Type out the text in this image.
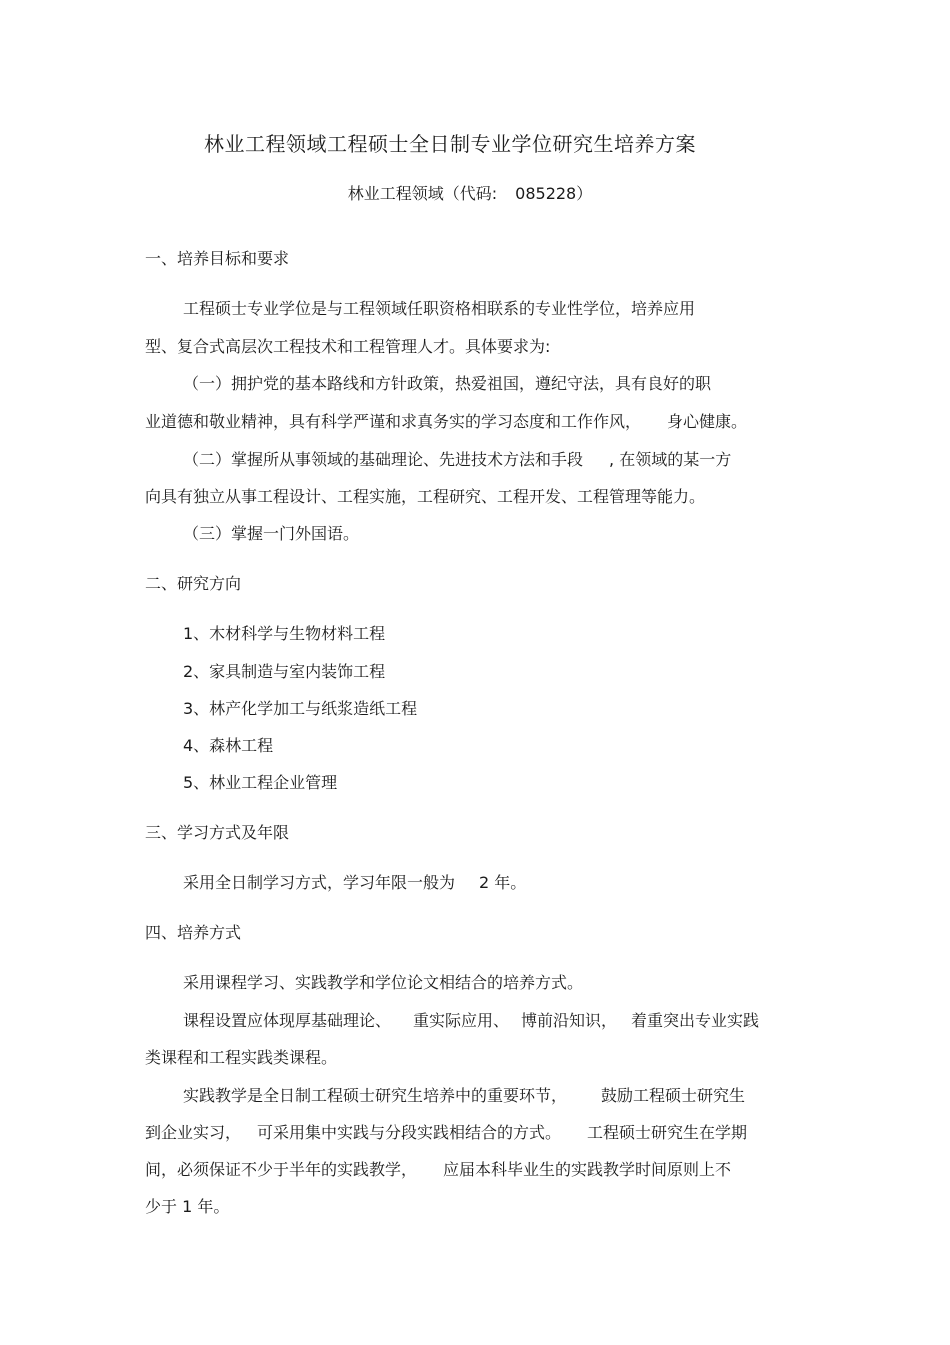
林业工程领域工程硕士全日制专业学位研究生培养方案
林业工程领域（代码: 085228）
一、培养目标和要求
工程硕士专业学位是与工程领域任职资格相联系的专业性学位，培养应用
型、复合式高层次工程技术和工程管理人才。具体要求为:
（一）拥护党的基本路线和方针政策，热爱祖国，遵纪守法，具有良好的职
业道德和敬业精神，具有科学严谨和求真务实的学习态度和工作作风， 身心健康。
（二）掌握所从事领域的基础理论、先进技术方法和手段 , 在领域的某一方
向具有独立从事工程设计、工程实施，工程研究、工程开发、工程管理等能力。
（三）掌握一门外国语。
二、研究方向
1、木材科学与生物材料工程
2、家具制造与室内装饰工程
3、林产化学加工与纸浆造纸工程
4、森林工程
5、林业工程企业管理
三、学习方式及年限
采用全日制学习方式，学习年限一般为 2 年。
四、培养方式
采用课程学习、实践教学和学位论文相结合的培养方式。
课程设置应体现厚基础理论、 重实际应用、 博前沿知识， 着重突出专业实践
类课程和工程实践类课程。
实践教学是全日制工程硕士研究生培养中的重要环节， 鼓励工程硕士研究生
到企业实习， 可采用集中实践与分段实践相结合的方式。 工程硕士研究生在学期
间，必须保证不少于半年的实践教学， 应届本科毕业生的实践教学时间原则上不
少于 1 年。
